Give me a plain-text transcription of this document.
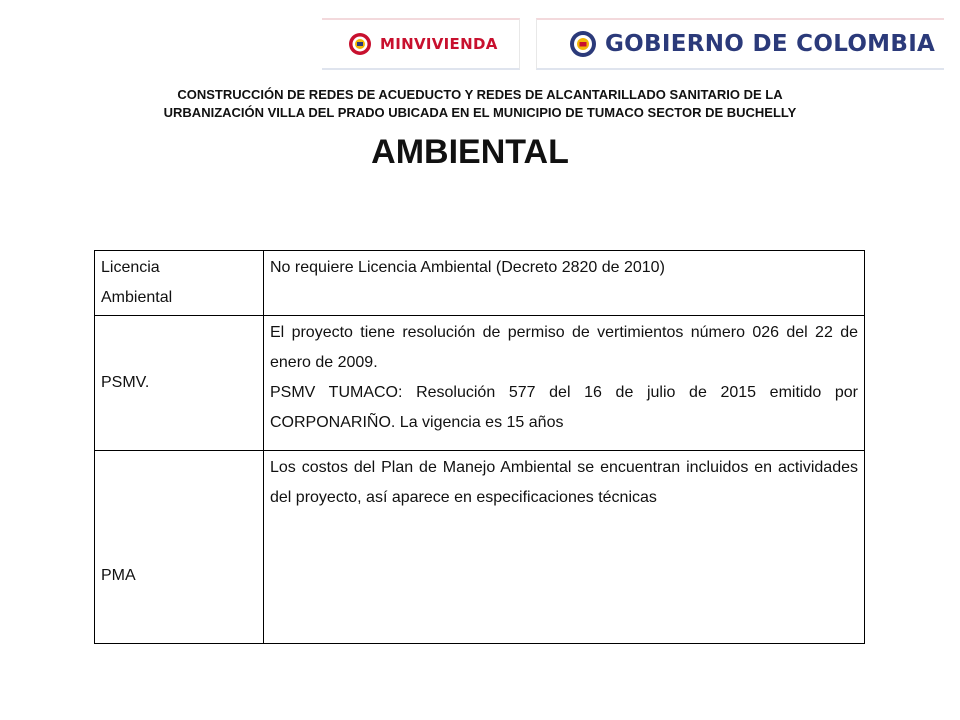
MINVIVIENDA	GOBIERNO DE COLOMBIA
CONSTRUCCIÓN DE REDES DE ACUEDUCTO Y REDES DE ALCANTARILLADO SANITARIO DE LA
URBANIZACIÓN VILLA DEL PRADO UBICADA EN EL MUNICIPIO DE TUMACO SECTOR DE BUCHELLY
AMBIENTAL
Licencia
Ambiental	No requiere Licencia Ambiental (Decreto 2820 de 2010)
PSMV.	El proyecto tiene resolución de permiso de vertimientos número 026 del 22 de enero de 2009.

PSMV TUMACO: Resolución 577 del 16 de julio de 2015 emitido por CORPONARIÑO. La vigencia es 15 años

PMA	Los costos del Plan de Manejo Ambiental se encuentran incluidos en actividades del proyecto, así aparece en especificaciones técnicas
